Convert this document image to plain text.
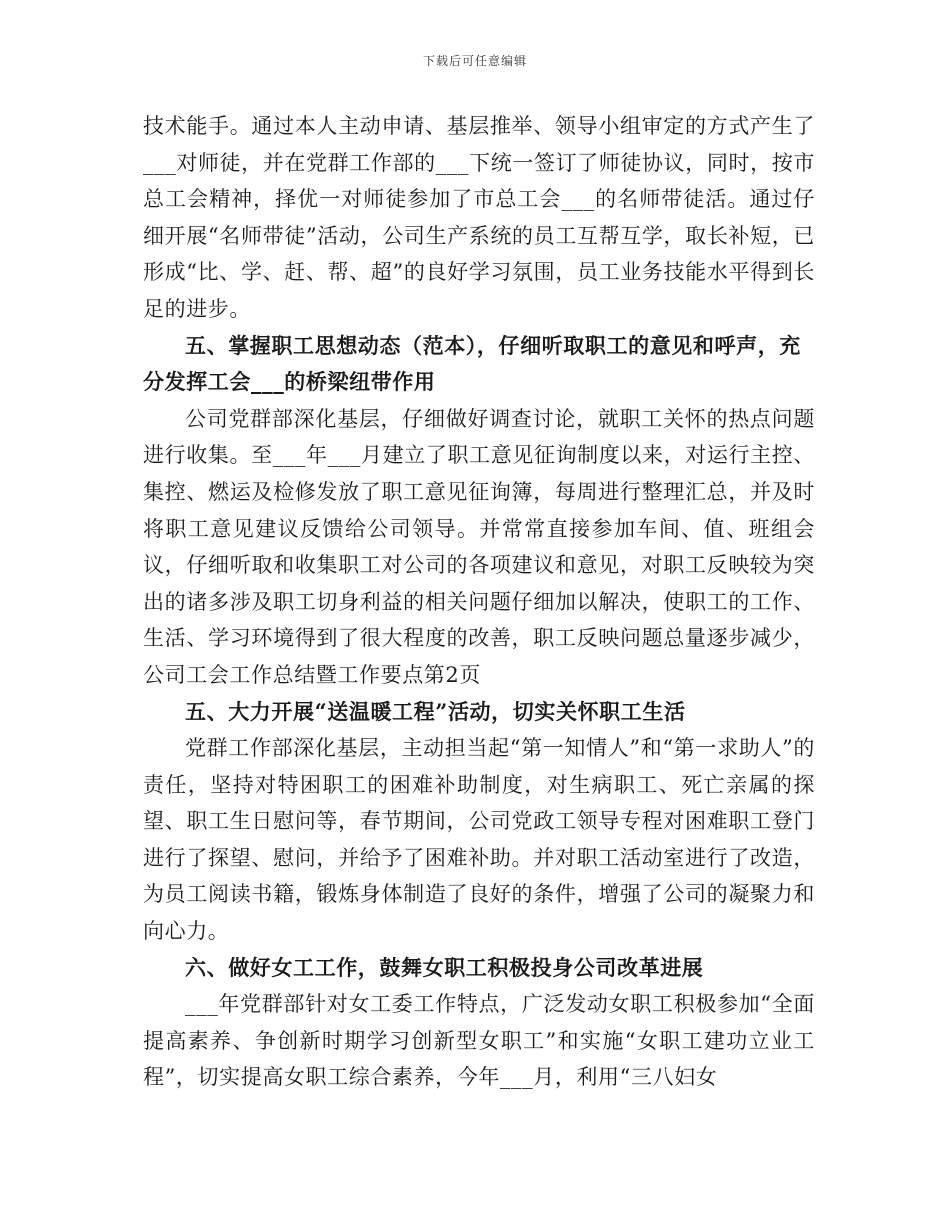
下载后可任意编辑

技术能手。通过本人主动申请、基层推举、领导小组审定的方式产生了___对师徒，并在党群工作部的___下统一签订了师徒协议，同时，按市总工会精神，择优一对师徒参加了市总工会___的名师带徒活。通过仔细开展“名师带徒”活动，公司生产系统的员工互帮互学，取长补短，已形成“比、学、赶、帮、超”的良好学习氛围，员工业务技能水平得到长足的进步。

五、掌握职工思想动态（范本），仔细听取职工的意见和呼声，充分发挥工会___的桥梁纽带作用

公司党群部深化基层，仔细做好调查讨论，就职工关怀的热点问题进行收集。至___年___月建立了职工意见征询制度以来，对运行主控、集控、燃运及检修发放了职工意见征询簿，每周进行整理汇总，并及时将职工意见建议反馈给公司领导。并常常直接参加车间、值、班组会议，仔细听取和收集职工对公司的各项建议和意见，对职工反映较为突出的诸多涉及职工切身利益的相关问题仔细加以解决，使职工的工作、生活、学习环境得到了很大程度的改善，职工反映问题总量逐步减少，公司工会工作总结暨工作要点第2页

五、大力开展“送温暖工程”活动，切实关怀职工生活

党群工作部深化基层，主动担当起“第一知情人”和“第一求助人”的责任，坚持对特困职工的困难补助制度，对生病职工、死亡亲属的探望、职工生日慰问等，春节期间，公司党政工领导专程对困难职工登门进行了探望、慰问，并给予了困难补助。并对职工活动室进行了改造，为员工阅读书籍，锻炼身体制造了良好的条件，增强了公司的凝聚力和向心力。

六、做好女工工作，鼓舞女职工积极投身公司改革进展

___年党群部针对女工委工作特点，广泛发动女职工积极参加“全面提高素养、争创新时期学习创新型女职工”和实施“女职工建功立业工程”，切实提高女职工综合素养，今年___月，利用“三八妇女
